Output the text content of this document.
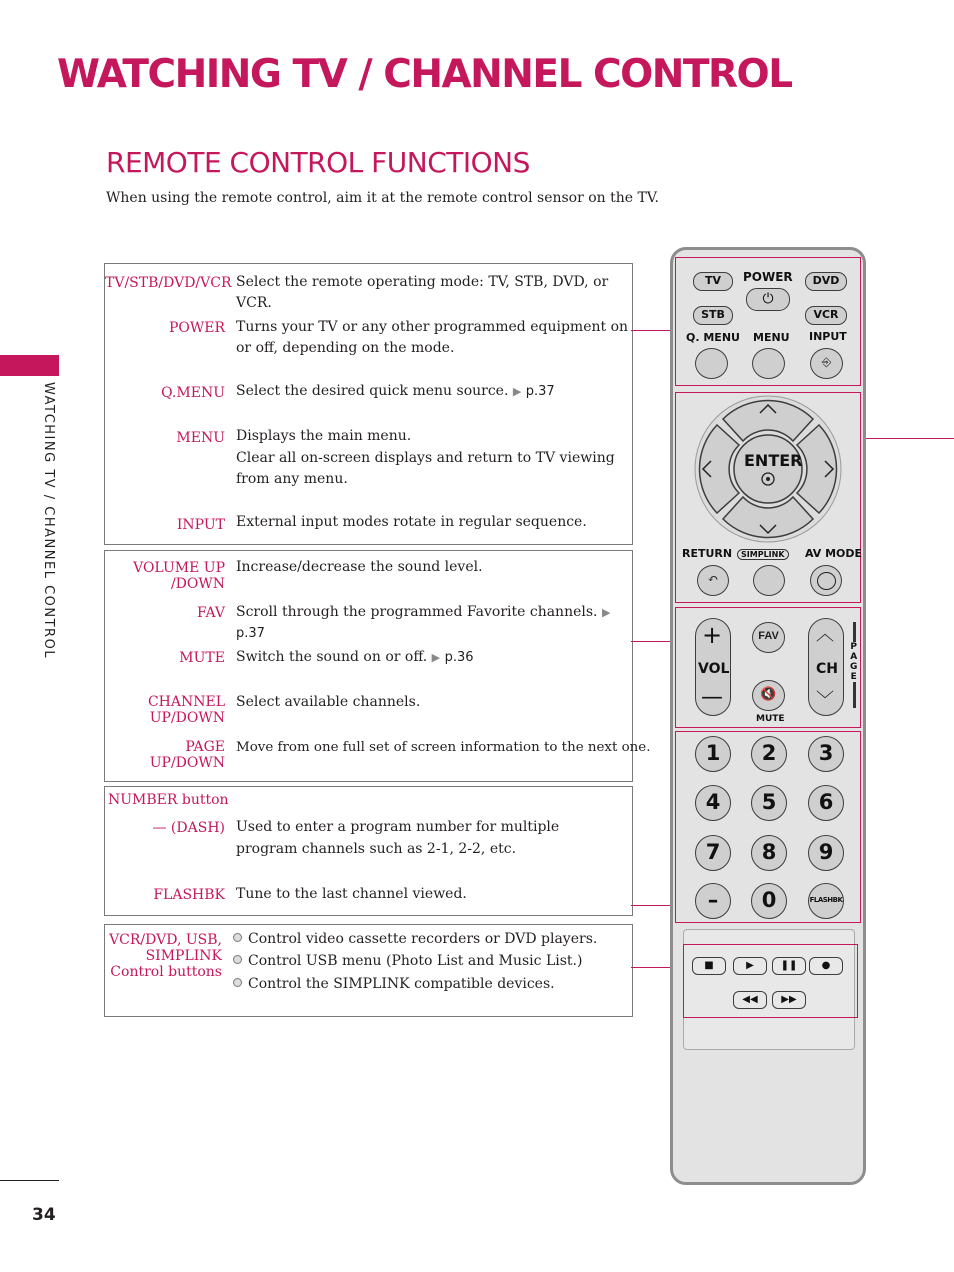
WATCHING TV / CHANNEL CONTROL
REMOTE CONTROL FUNCTIONS
When using the remote control, aim it at the remote control sensor on the TV.
WATCHING TV / CHANNEL CONTROL
34
TV/STB/DVD/VCR Select the remote operating mode: TV, STB, DVD, or VCR.
POWER Turns your TV or any other programmed equipment on or off, depending on the mode.
Q.MENU Select the desired quick menu source. ▶ p.37
MENU Displays the main menu.
Clear all on-screen displays and return to TV viewing from any menu.
INPUT External input modes rotate in regular sequence.
VOLUME UP
/DOWN
Increase/decrease the sound level.
FAV Scroll through the programmed Favorite channels. ▶ p.37
MUTE Switch the sound on or off. ▶ p.36
CHANNEL
UP/DOWN
Select available channels.
PAGE
UP/DOWN
Move from one full set of screen information to the next one.
NUMBER button
— (DASH) Used to enter a program number for multiple
program channels such as 2-1, 2-2, etc.
FLASHBK Tune to the last channel viewed.
VCR/DVD, USB,
SIMPLINK
Control buttons
Control video cassette recorders or DVD players.
Control USB menu (Photo List and Music List.)
Control the SIMPLINK compatible devices.
TV	DVD
STB	VCR
POWER
⏻
Q. MENU MENU INPUT
⎆
ENTER
RETURN	SIMPLINK	AV MODE
↶
+
—
VOL
︿
﹀
CH
FAV
🔇
MUTE
P
A
G
E
1	2	3
4	5	6
7	8	9
–	0	FLASHBK
■	▶	❚❚	●
◀◀	▶▶
